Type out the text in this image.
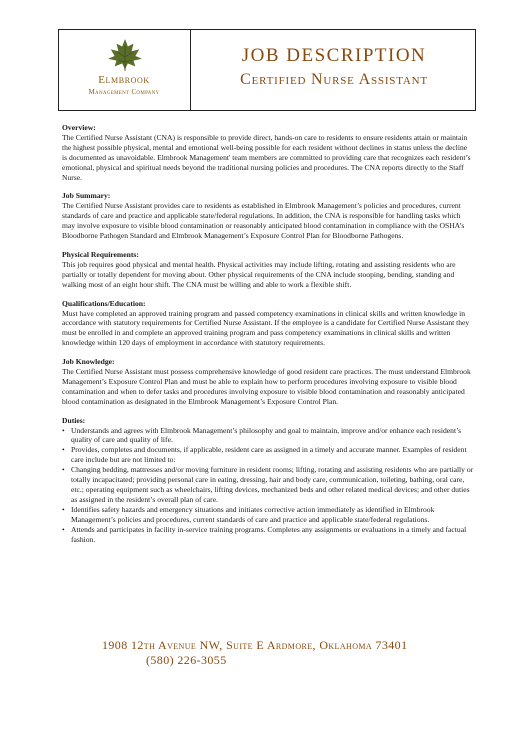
Elmbrook
Management Company
JOB DESCRIPTION
Certified Nurse Assistant
Overview:

The Certified Nurse Assistant (CNA) is responsible to provide direct, hands-on care to residents to ensure residents attain or maintain the highest possible physical, mental and emotional well-being possible for each resident without declines in status unless the decline is documented as unavoidable. Elmbrook Management' team members are committed to providing care that recognizes each resident’s emotional, physical and spiritual needs beyond the traditional nursing policies and procedures. The CNA reports directly to the Staff Nurse.

Job Summary:

The Certified Nurse Assistant provides care to residents as established in Elmbrook Management’s policies and procedures, current standards of care and practice and applicable state/federal regulations. In addition, the CNA is responsible for handling tasks which may involve exposure to visible blood contamination or reasonably anticipated blood contamination in compliance with the OSHA’s Bloodborne Pathogen Standard and Elmbrook Management’s Exposure Control Plan for Bloodborne Pathogens.

Physical Requirements:

This job requires good physical and mental health. Physical activities may include lifting, rotating and assisting residents who are partially or totally dependent for moving about. Other physical requirements of the CNA include stooping, bending, standing and walking most of an eight hour shift. The CNA must be willing and able to work a flexible shift.

Qualifications/Education:

Must have completed an approved training program and passed competency examinations in clinical skills and written knowledge in accordance with statutory requirements for Certified Nurse Assistant. If the employee is a candidate for Certified Nurse Assistant they must be enrolled in and complete an approved training program and pass competency examinations in clinical skills and written knowledge within 120 days of employment in accordance with statutory requirements.

Job Knowledge:

The Certified Nurse Assistant must possess comprehensive knowledge of good resident care practices. The must understand Elmbrook Management’s Exposure Control Plan and must be able to explain how to perform procedures involving exposure to visible blood contamination and when to defer tasks and procedures involving exposure to visible blood contamination and reasonably anticipated blood contamination as designated in the Elmbrook Management’s Exposure Control Plan.

Duties:
• Understands and agrees with Elmbrook Management’s philosophy and goal to maintain, improve and/or enhance each resident’s quality of care and quality of life.
• Provides, completes and documents, if applicable, resident care as assigned in a timely and accurate manner. Examples of resident care include but are not limited to:
• Changing bedding, mattresses and/or moving furniture in resident rooms; lifting, rotating and assisting residents who are partially or totally incapacitated; providing personal care in eating, dressing, hair and body care, communication, toileting, bathing, oral care, etc.; operating equipment such as wheelchairs, lifting devices, mechanized beds and other related medical devices; and other duties as assigned in the resident’s overall plan of care.
• Identifies safety hazards and emergency situations and initiates corrective action immediately as identified in Elmbrook Management’s policies and procedures, current standards of care and practice and applicable state/federal regulations.
• Attends and participates in facility in-service training programs. Completes any assignments or evaluations in a timely and factual fashion.
1908 12th Avenue NW, Suite E Ardmore, Oklahoma 73401
(580) 226-3055
